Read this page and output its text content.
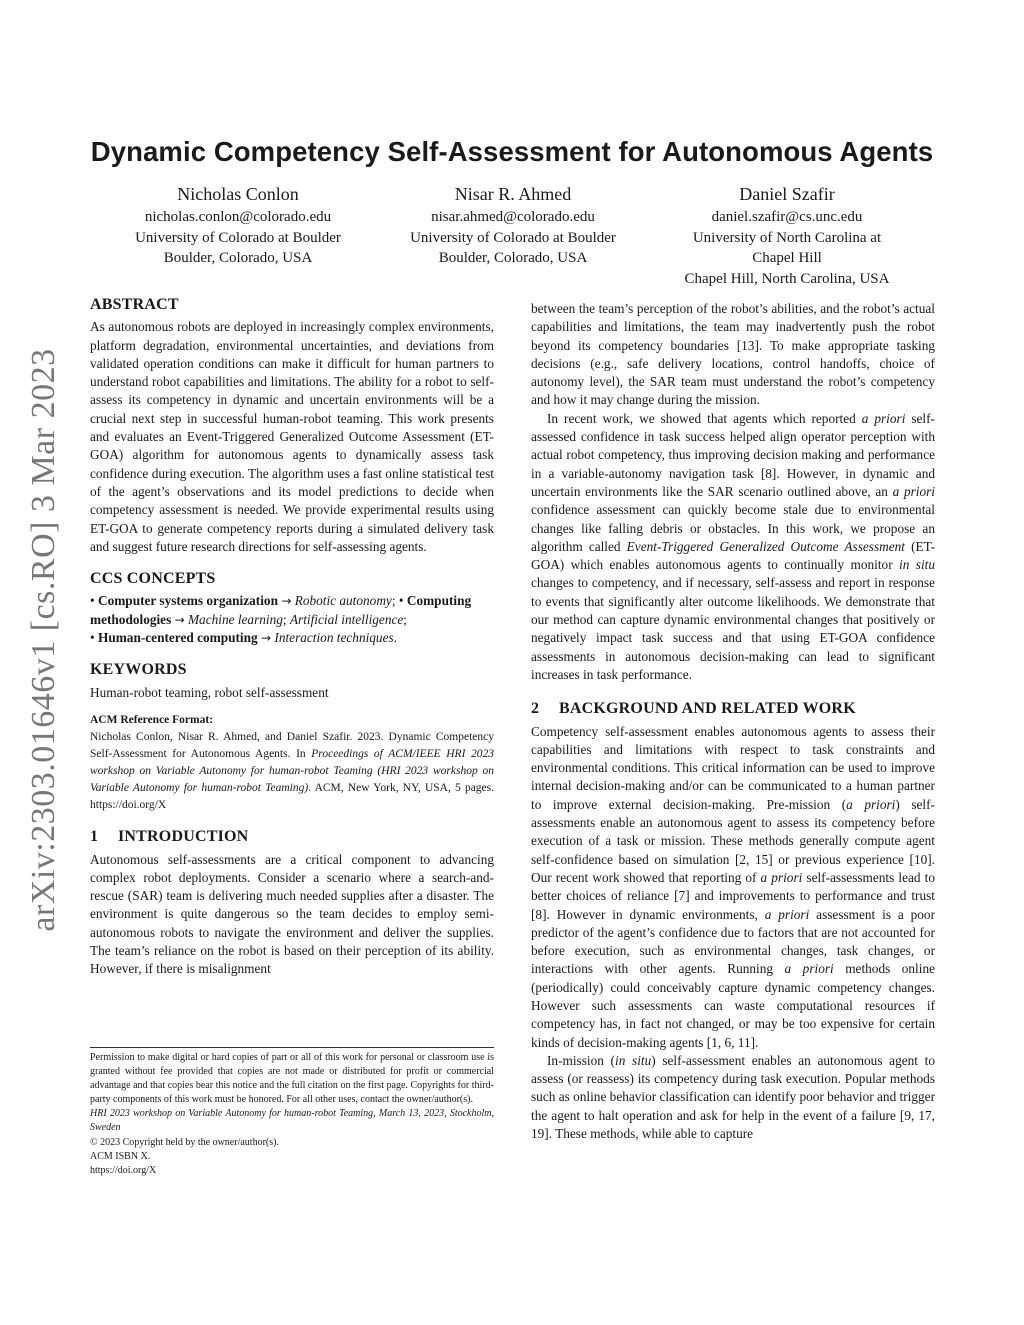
arXiv:2303.01646v1 [cs.RO] 3 Mar 2023
Dynamic Competency Self-Assessment for Autonomous Agents
Nicholas Conlon
nicholas.conlon@colorado.edu
University of Colorado at Boulder
Boulder, Colorado, USA
Nisar R. Ahmed
nisar.ahmed@colorado.edu
University of Colorado at Boulder
Boulder, Colorado, USA
Daniel Szafir
daniel.szafir@cs.unc.edu
University of North Carolina at
Chapel Hill
Chapel Hill, North Carolina, USA
ABSTRACT

As autonomous robots are deployed in increasingly complex environments, platform degradation, environmental uncertainties, and deviations from validated operation conditions can make it difficult for human partners to understand robot capabilities and limitations. The ability for a robot to self-assess its competency in dynamic and uncertain environments will be a crucial next step in successful human-robot teaming. This work presents and evaluates an Event-Triggered Generalized Outcome Assessment (ET-GOA) algorithm for autonomous agents to dynamically assess task confidence during execution. The algorithm uses a fast online statistical test of the agent’s observations and its model predictions to decide when competency assessment is needed. We provide experimental results using ET-GOA to generate competency reports during a simulated delivery task and suggest future research directions for self-assessing agents.

CCS CONCEPTS

• Computer systems organization → Robotic autonomy; • Computing methodologies → Machine learning; Artificial intelligence;
• Human-centered computing → Interaction techniques.

KEYWORDS

Human-robot teaming, robot self-assessment

ACM Reference Format:

Nicholas Conlon, Nisar R. Ahmed, and Daniel Szafir. 2023. Dynamic Competency Self-Assessment for Autonomous Agents. In Proceedings of ACM/IEEE HRI 2023 workshop on Variable Autonomy for human-robot Teaming (HRI 2023 workshop on Variable Autonomy for human-robot Teaming). ACM, New York, NY, USA, 5 pages. https://doi.org/X

1 INTRODUCTION

Autonomous self-assessments are a critical component to advancing complex robot deployments. Consider a scenario where a search-and-rescue (SAR) team is delivering much needed supplies after a disaster. The environment is quite dangerous so the team decides to employ semi-autonomous robots to navigate the environment and deliver the supplies. The team’s reliance on the robot is based on their perception of its ability. However, if there is misalignment

Permission to make digital or hard copies of part or all of this work for personal or classroom use is granted without fee provided that copies are not made or distributed for profit or commercial advantage and that copies bear this notice and the full citation on the first page. Copyrights for third-party components of this work must be honored. For all other uses, contact the owner/author(s).

HRI 2023 workshop on Variable Autonomy for human-robot Teaming, March 13, 2023, Stockholm, Sweden

© 2023 Copyright held by the owner/author(s).

ACM ISBN X.

https://doi.org/X

between the team’s perception of the robot’s abilities, and the robot’s actual capabilities and limitations, the team may inadvertently push the robot beyond its competency boundaries [13]. To make appropriate tasking decisions (e.g., safe delivery locations, control handoffs, choice of autonomy level), the SAR team must understand the robot’s competency and how it may change during the mission.

In recent work, we showed that agents which reported a priori self-assessed confidence in task success helped align operator perception with actual robot competency, thus improving decision making and performance in a variable-autonomy navigation task [8]. However, in dynamic and uncertain environments like the SAR scenario outlined above, an a priori confidence assessment can quickly become stale due to environmental changes like falling debris or obstacles. In this work, we propose an algorithm called Event-Triggered Generalized Outcome Assessment (ET-GOA) which enables autonomous agents to continually monitor in situ changes to competency, and if necessary, self-assess and report in response to events that significantly alter outcome likelihoods. We demonstrate that our method can capture dynamic environmental changes that positively or negatively impact task success and that using ET-GOA confidence assessments in autonomous decision-making can lead to significant increases in task performance.

2 BACKGROUND AND RELATED WORK

Competency self-assessment enables autonomous agents to assess their capabilities and limitations with respect to task constraints and environmental conditions. This critical information can be used to improve internal decision-making and/or can be communicated to a human partner to improve external decision-making. Pre-mission (a priori) self-assessments enable an autonomous agent to assess its competency before execution of a task or mission. These methods generally compute agent self-confidence based on simulation [2, 15] or previous experience [10]. Our recent work showed that reporting of a priori self-assessments lead to better choices of reliance [7] and improvements to performance and trust [8]. However in dynamic environments, a priori assessment is a poor predictor of the agent’s confidence due to factors that are not accounted for before execution, such as environmental changes, task changes, or interactions with other agents. Running a priori methods online (periodically) could conceivably capture dynamic competency changes. However such assessments can waste computational resources if competency has, in fact not changed, or may be too expensive for certain kinds of decision-making agents [1, 6, 11].

In-mission (in situ) self-assessment enables an autonomous agent to assess (or reassess) its competency during task execution. Popular methods such as online behavior classification can identify poor behavior and trigger the agent to halt operation and ask for help in the event of a failure [9, 17, 19]. These methods, while able to capture
